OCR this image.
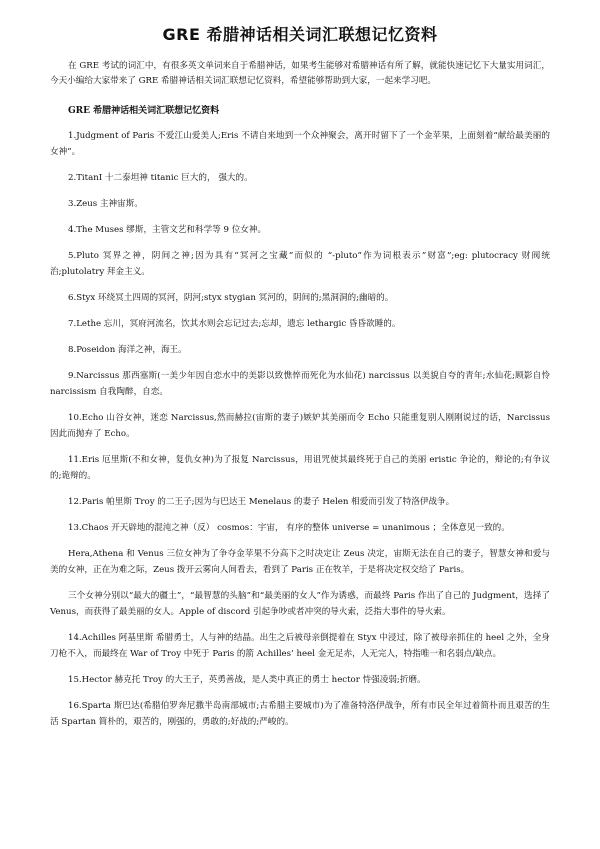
GRE 希腊神话相关词汇联想记忆资料

在 GRE 考试的词汇中，有很多英文单词来自于希腊神话，如果考生能够对希腊神话有所了解，就能快速记忆下大量实用词汇，今天小编给大家带来了 GRE 希腊神话相关词汇联想记忆资料，希望能够帮助到大家，一起来学习吧。

GRE 希腊神话相关词汇联想记忆资料

1.Judgment of Paris 不爱江山爱美人;Eris 不请自来地到一个众神聚会，离开时留下了一个金苹果，上面刻着“献给最美丽的女神”。

2.TitanI 十二泰坦神 titanic 巨大的， 强大的。

3.Zeus 主神宙斯。

4.The Muses 缪斯，主管文艺和科学等 9 位女神。

5.Pluto 冥界之神，阴间之神;因为具有“冥河之宝藏”而似的 “-pluto”作为词根表示”财富”;eg: plutocracy 财阀统治;plutolatry 拜金主义。

6.Styx 环绕冥土四周的冥河，阴河;styx stygian 冥河的，阴间的;黑洞洞的;幽暗的。

7.Lethe 忘川，冥府河流名，饮其水则会忘记过去;忘却，遗忘 lethargic 昏昏欲睡的。

8.Poseidon 海洋之神，海王。

9.Narcissus 那西塞斯(一美少年因自恋水中的美影以致憔悴而死化为水仙花) narcissus 以美貌自夸的青年;水仙花;顾影自怜 narcissism 自我陶醉，自恋。

10.Echo 山谷女神，迷恋 Narcissus,然而赫拉(宙斯的妻子)嫉妒其美丽而令 Echo 只能重复别人刚刚说过的话，Narcissus 因此而抛弃了 Echo。

11.Eris 厄里斯(不和女神，复仇女神)为了报复 Narcissus，用诅咒使其最终死于自己的美丽 eristic 争论的，辩论的;有争议的;诡辩的。

12.Paris 帕里斯 Troy 的二王子;因为与巴达王 Menelaus 的妻子 Helen 相爱而引发了特洛伊战争。

13.Chaos 开天辟地的混沌之神（反） cosmos：宇宙， 有序的整体 universe = unanimous ；全体意见一致的。

Hera,Athena 和 Venus 三位女神为了争夺金苹果不分高下之时决定让 Zeus 决定，宙斯无法在自己的妻子，智慧女神和爱与美的女神，正在为难之际，Zeus 拨开云雾向人间看去，看到了 Paris 正在牧羊，于是将决定权交给了 Paris。

三个女神分别以“最大的疆土”，“最智慧的头脑”和“最美丽的女人”作为诱惑，而最终 Paris 作出了自己的 Judgment，选择了 Venus，而获得了最美丽的女人。Apple of discord 引起争吵或者冲突的导火索，泛指大事件的导火索。

14.Achilles 阿基里斯 希腊勇士，人与神的结晶。出生之后被母亲倒提着在 Styx 中浸过，除了被母亲抓住的 heel 之外，全身刀枪不入，而最终在 War of Troy 中死于 Paris 的箭 Achilles’ heel 金无足赤，人无完人，特指唯一和名弱点/缺点。

15.Hector 赫克托 Troy 的大王子，英勇善战，是人类中真正的勇士 hector 恃强凌弱;折磨。

16.Sparta 斯巴达(希腊伯罗奔尼撒半岛南部城市;古希腊主要城市)为了准备特洛伊战争，所有市民全年过着简朴而且艰苦的生活 Spartan 简朴的，艰苦的，刚强的，勇敢的;好战的;严峻的。
